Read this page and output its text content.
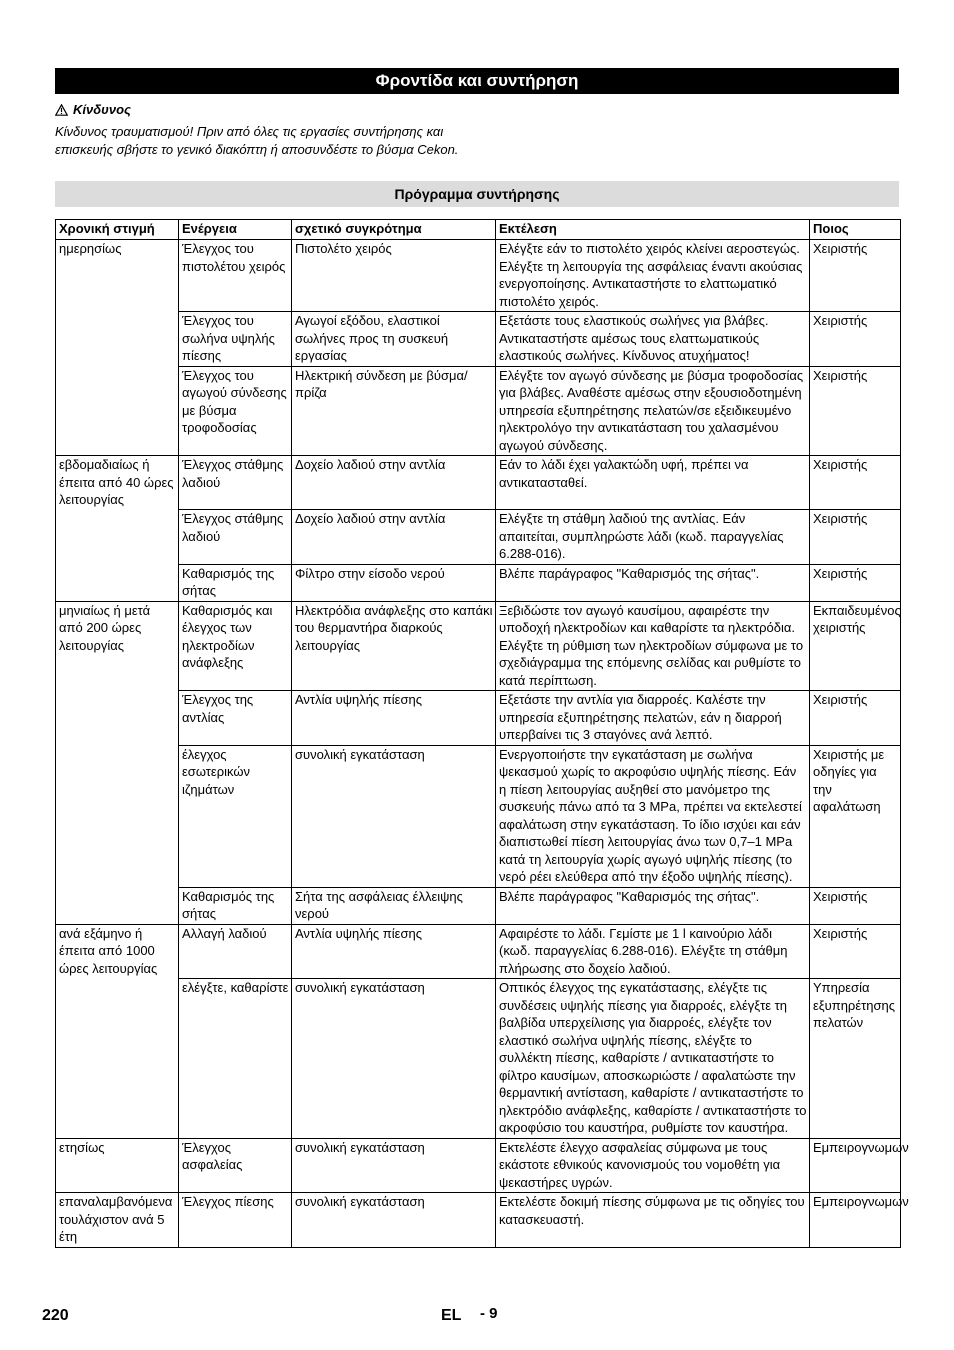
Φροντίδα και συντήρηση
Κίνδυνος
Κίνδυνος τραυματισμού! Πριν από όλες τις εργασίες συντήρησης και επισκευής σβήστε το γενικό διακόπτη ή αποσυνδέστε το βύσμα Cekon.
Πρόγραμμα συντήρησης
Χρονική στιγμή	Ενέργεια	σχετικό συγκρότημα	Εκτέλεση	Ποιος
ημερησίως	Έλεγχος του πιστολέτου χειρός	Πιστολέτο χειρός	Ελέγξτε εάν το πιστολέτο χειρός κλείνει αεροστεγώς. Ελέγξτε τη λειτουργία της ασφάλειας έναντι ακούσιας ενεργοποίησης. Αντικαταστήστε το ελαττωματικό πιστολέτο χειρός.	Χειριστής
	Έλεγχος του σωλήνα υψηλής πίεσης	Αγωγοί εξόδου, ελαστικοί σωλήνες προς τη συσκευή εργασίας	Εξετάστε τους ελαστικούς σωλήνες για βλάβες. Αντικαταστήστε αμέσως τους ελαττωματικούς ελαστικούς σωλήνες. Κίνδυνος ατυχήματος!	Χειριστής
	Έλεγχος του αγωγού σύνδεσης με βύσμα τροφοδοσίας	Ηλεκτρική σύνδεση με βύσμα/πρίζα	Ελέγξτε τον αγωγό σύνδεσης με βύσμα τροφοδοσίας για βλάβες. Αναθέστε αμέσως στην εξουσιοδοτημένη υπηρεσία εξυπηρέτησης πελατών/σε εξειδικευμένο ηλεκτρολόγο την αντικατάσταση του χαλασμένου αγωγού σύνδεσης.	Χειριστής
εβδομαδιαίως ή έπειτα από 40 ώρες λειτουργίας	Έλεγχος στάθμης λαδιού	Δοχείο λαδιού στην αντλία	Εάν το λάδι έχει γαλακτώδη υφή, πρέπει να αντικατασταθεί.	Χειριστής
	Έλεγχος στάθμης λαδιού	Δοχείο λαδιού στην αντλία	Ελέγξτε τη στάθμη λαδιού της αντλίας. Εάν απαιτείται, συμπληρώστε λάδι (κωδ. παραγγελίας 6.288-016).	Χειριστής
	Καθαρισμός της σήτας	Φίλτρο στην είσοδο νερού	Βλέπε παράγραφος "Καθαρισμός της σήτας".	Χειριστής
μηνιαίως ή μετά από 200 ώρες λειτουργίας	Καθαρισμός και έλεγχος των ηλεκτροδίων ανάφλεξης	Ηλεκτρόδια ανάφλεξης στο καπάκι του θερμαντήρα διαρκούς λειτουργίας	Ξεβιδώστε τον αγωγό καυσίμου, αφαιρέστε την υποδοχή ηλεκτροδίων και καθαρίστε τα ηλεκτρόδια. Ελέγξτε τη ρύθμιση των ηλεκτροδίων σύμφωνα με το σχεδιάγραμμα της επόμενης σελίδας και ρυθμίστε το κατά περίπτωση.	Εκπαιδευμένος χειριστής
	Έλεγχος της αντλίας	Αντλία υψηλής πίεσης	Εξετάστε την αντλία για διαρροές. Καλέστε την υπηρεσία εξυπηρέτησης πελατών, εάν η διαρροή υπερβαίνει τις 3 σταγόνες ανά λεπτό.	Χειριστής
	έλεγχος εσωτερικών ιζημάτων	συνολική εγκατάσταση	Ενεργοποιήστε την εγκατάσταση με σωλήνα ψεκασμού χωρίς το ακροφύσιο υψηλής πίεσης. Εάν η πίεση λειτουργίας αυξηθεί στο μανόμετρο της συσκευής πάνω από τα 3 MPa, πρέπει να εκτελεστεί αφαλάτωση στην εγκατάσταση. Το ίδιο ισχύει και εάν διαπιστωθεί πίεση λειτουργίας άνω των 0,7–1 MPa κατά τη λειτουργία χωρίς αγωγό υψηλής πίεσης (το νερό ρέει ελεύθερα από την έξοδο υψηλής πίεσης).	Χειριστής με οδηγίες για την αφαλάτωση
	Καθαρισμός της σήτας	Σήτα της ασφάλειας έλλειψης νερού	Βλέπε παράγραφος "Καθαρισμός της σήτας".	Χειριστής
ανά εξάμηνο ή έπειτα από 1000 ώρες λειτουργίας	Αλλαγή λαδιού	Αντλία υψηλής πίεσης	Αφαιρέστε το λάδι. Γεμίστε με 1 l καινούριο λάδι (κωδ. παραγγελίας 6.288-016). Ελέγξτε τη στάθμη πλήρωσης στο δοχείο λαδιού.	Χειριστής
	ελέγξτε, καθαρίστε	συνολική εγκατάσταση	Οπτικός έλεγχος της εγκατάστασης, ελέγξτε τις συνδέσεις υψηλής πίεσης για διαρροές, ελέγξτε τη βαλβίδα υπερχείλισης για διαρροές, ελέγξτε τον ελαστικό σωλήνα υψηλής πίεσης, ελέγξτε το συλλέκτη πίεσης, καθαρίστε / αντικαταστήστε το φίλτρο καυσίμων, αποσκωριώστε / αφαλατώστε την θερμαντική αντίσταση, καθαρίστε / αντικαταστήστε το ηλεκτρόδιο ανάφλεξης, καθαρίστε / αντικαταστήστε το ακροφύσιο του καυστήρα, ρυθμίστε τον καυστήρα.	Υπηρεσία εξυπηρέτησης πελατών
ετησίως	Έλεγχος ασφαλείας	συνολική εγκατάσταση	Εκτελέστε έλεγχο ασφαλείας σύμφωνα με τους εκάστοτε εθνικούς κανονισμούς του νομοθέτη για ψεκαστήρες υγρών.	Εμπειρογνωμων
επαναλαμβανόμενα τουλάχιστον ανά 5 έτη	Έλεγχος πίεσης	συνολική εγκατάσταση	Εκτελέστε δοκιμή πίεσης σύμφωνα με τις οδηγίες του κατασκευαστή.	Εμπειρογνωμων
220	EL - 9
